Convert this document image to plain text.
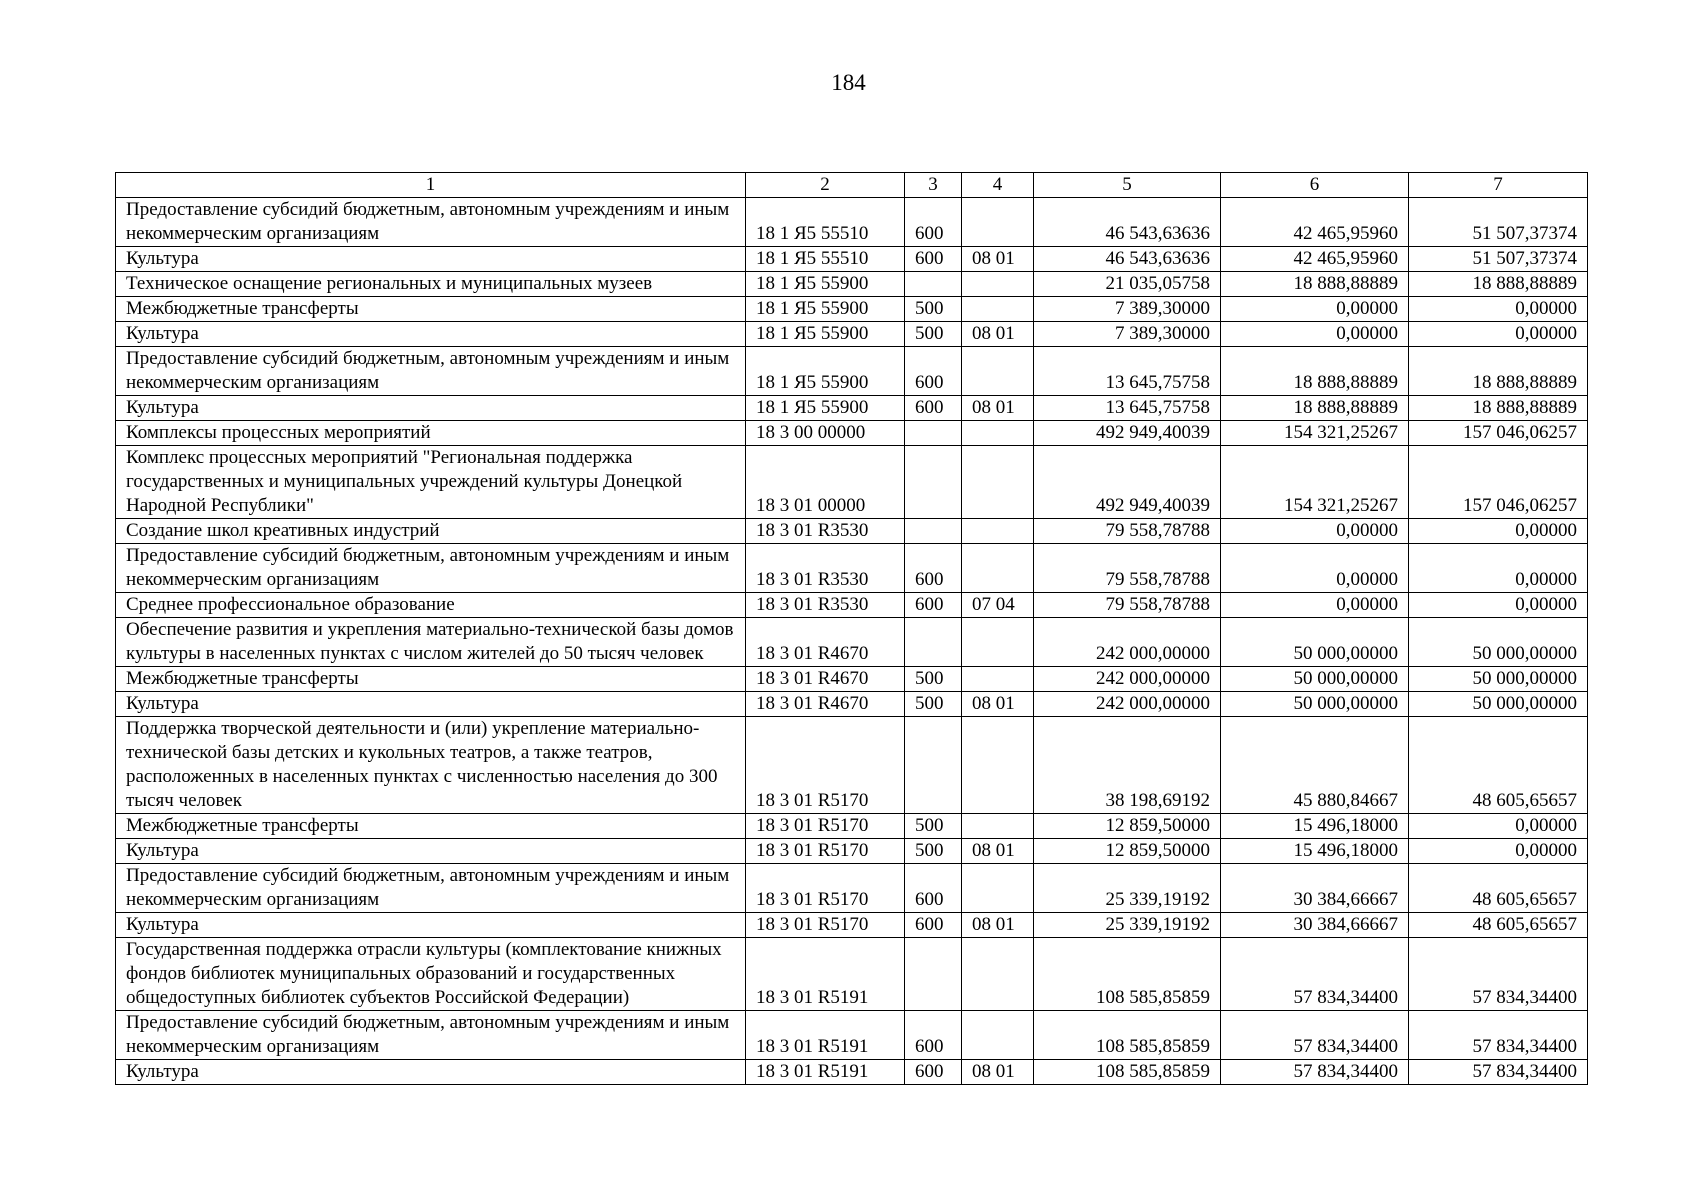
184
1	2	3	4	5	6	7
Предоставление субсидий бюджетным, автономным учреждениям и иным некоммерческим организациям	18 1 Я5 55510	600		46 543,63636	42 465,95960	51 507,37374
Культура	18 1 Я5 55510	600	08 01	46 543,63636	42 465,95960	51 507,37374
Техническое оснащение региональных и муниципальных музеев	18 1 Я5 55900			21 035,05758	18 888,88889	18 888,88889
Межбюджетные трансферты	18 1 Я5 55900	500		7 389,30000	0,00000	0,00000
Культура	18 1 Я5 55900	500	08 01	7 389,30000	0,00000	0,00000
Предоставление субсидий бюджетным, автономным учреждениям и иным некоммерческим организациям	18 1 Я5 55900	600		13 645,75758	18 888,88889	18 888,88889
Культура	18 1 Я5 55900	600	08 01	13 645,75758	18 888,88889	18 888,88889
Комплексы процессных мероприятий	18 3 00 00000			492 949,40039	154 321,25267	157 046,06257
Комплекс процессных мероприятий "Региональная поддержка государственных и муниципальных учреждений культуры Донецкой Народной Республики"	18 3 01 00000			492 949,40039	154 321,25267	157 046,06257
Создание школ креативных индустрий	18 3 01 R3530			79 558,78788	0,00000	0,00000
Предоставление субсидий бюджетным, автономным учреждениям и иным некоммерческим организациям	18 3 01 R3530	600		79 558,78788	0,00000	0,00000
Среднее профессиональное образование	18 3 01 R3530	600	07 04	79 558,78788	0,00000	0,00000
Обеспечение развития и укрепления материально-технической базы домов культуры в населенных пунктах с числом жителей до 50 тысяч человек	18 3 01 R4670			242 000,00000	50 000,00000	50 000,00000
Межбюджетные трансферты	18 3 01 R4670	500		242 000,00000	50 000,00000	50 000,00000
Культура	18 3 01 R4670	500	08 01	242 000,00000	50 000,00000	50 000,00000
Поддержка творческой деятельности и (или) укрепление материально-технической базы детских и кукольных театров, а также театров, расположенных в населенных пунктах с численностью населения до 300 тысяч человек	18 3 01 R5170			38 198,69192	45 880,84667	48 605,65657
Межбюджетные трансферты	18 3 01 R5170	500		12 859,50000	15 496,18000	0,00000
Культура	18 3 01 R5170	500	08 01	12 859,50000	15 496,18000	0,00000
Предоставление субсидий бюджетным, автономным учреждениям и иным некоммерческим организациям	18 3 01 R5170	600		25 339,19192	30 384,66667	48 605,65657
Культура	18 3 01 R5170	600	08 01	25 339,19192	30 384,66667	48 605,65657
Государственная поддержка отрасли культуры (комплектование книжных фондов библиотек муниципальных образований и государственных общедоступных библиотек субъектов Российской Федерации)	18 3 01 R5191			108 585,85859	57 834,34400	57 834,34400
Предоставление субсидий бюджетным, автономным учреждениям и иным некоммерческим организациям	18 3 01 R5191	600		108 585,85859	57 834,34400	57 834,34400
Культура	18 3 01 R5191	600	08 01	108 585,85859	57 834,34400	57 834,34400
